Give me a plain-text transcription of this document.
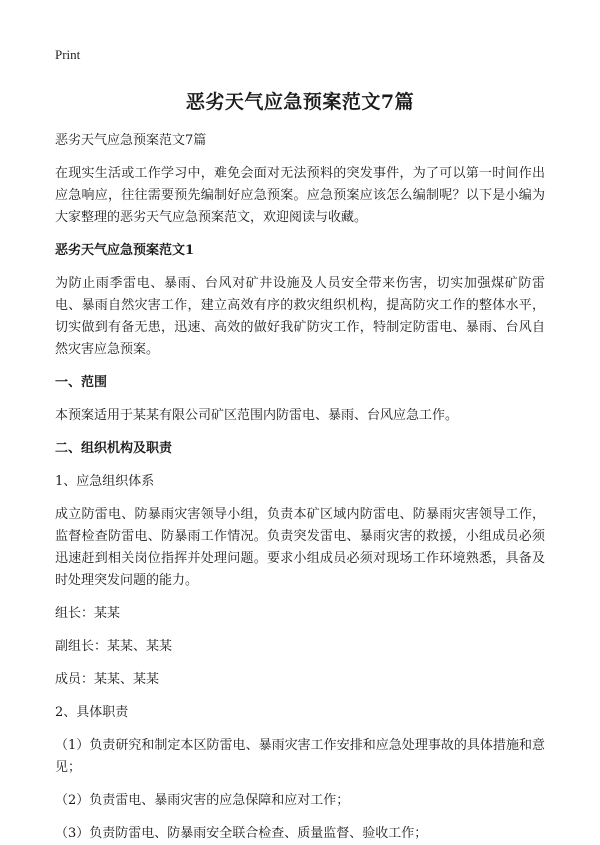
Print
恶劣天气应急预案范文7篇
恶劣天气应急预案范文7篇
在现实生活或工作学习中，难免会面对无法预料的突发事件，为了可以第一时间作出应急响应，往往需要预先编制好应急预案。应急预案应该怎么编制呢？以下是小编为大家整理的恶劣天气应急预案范文，欢迎阅读与收藏。
恶劣天气应急预案范文1
为防止雨季雷电、暴雨、台风对矿井设施及人员安全带来伤害，切实加强煤矿防雷电、暴雨自然灾害工作，建立高效有序的救灾组织机构，提高防灾工作的整体水平，切实做到有备无患，迅速、高效的做好我矿防灾工作，特制定防雷电、暴雨、台风自然灾害应急预案。
一、范围
本预案适用于某某有限公司矿区范围内防雷电、暴雨、台风应急工作。
二、组织机构及职责
1、应急组织体系
成立防雷电、防暴雨灾害领导小组，负责本矿区域内防雷电、防暴雨灾害领导工作，监督检查防雷电、防暴雨工作情况。负责突发雷电、暴雨灾害的救援，小组成员必须迅速赶到相关岗位指挥并处理问题。要求小组成员必须对现场工作环境熟悉，具备及时处理突发问题的能力。
组长：某某
副组长：某某、某某
成员：某某、某某
2、具体职责
（1）负责研究和制定本区防雷电、暴雨灾害工作安排和应急处理事故的具体措施和意见；
（2）负责雷电、暴雨灾害的应急保障和应对工作；
（3）负责防雷电、防暴雨安全联合检查、质量监督、验收工作；
